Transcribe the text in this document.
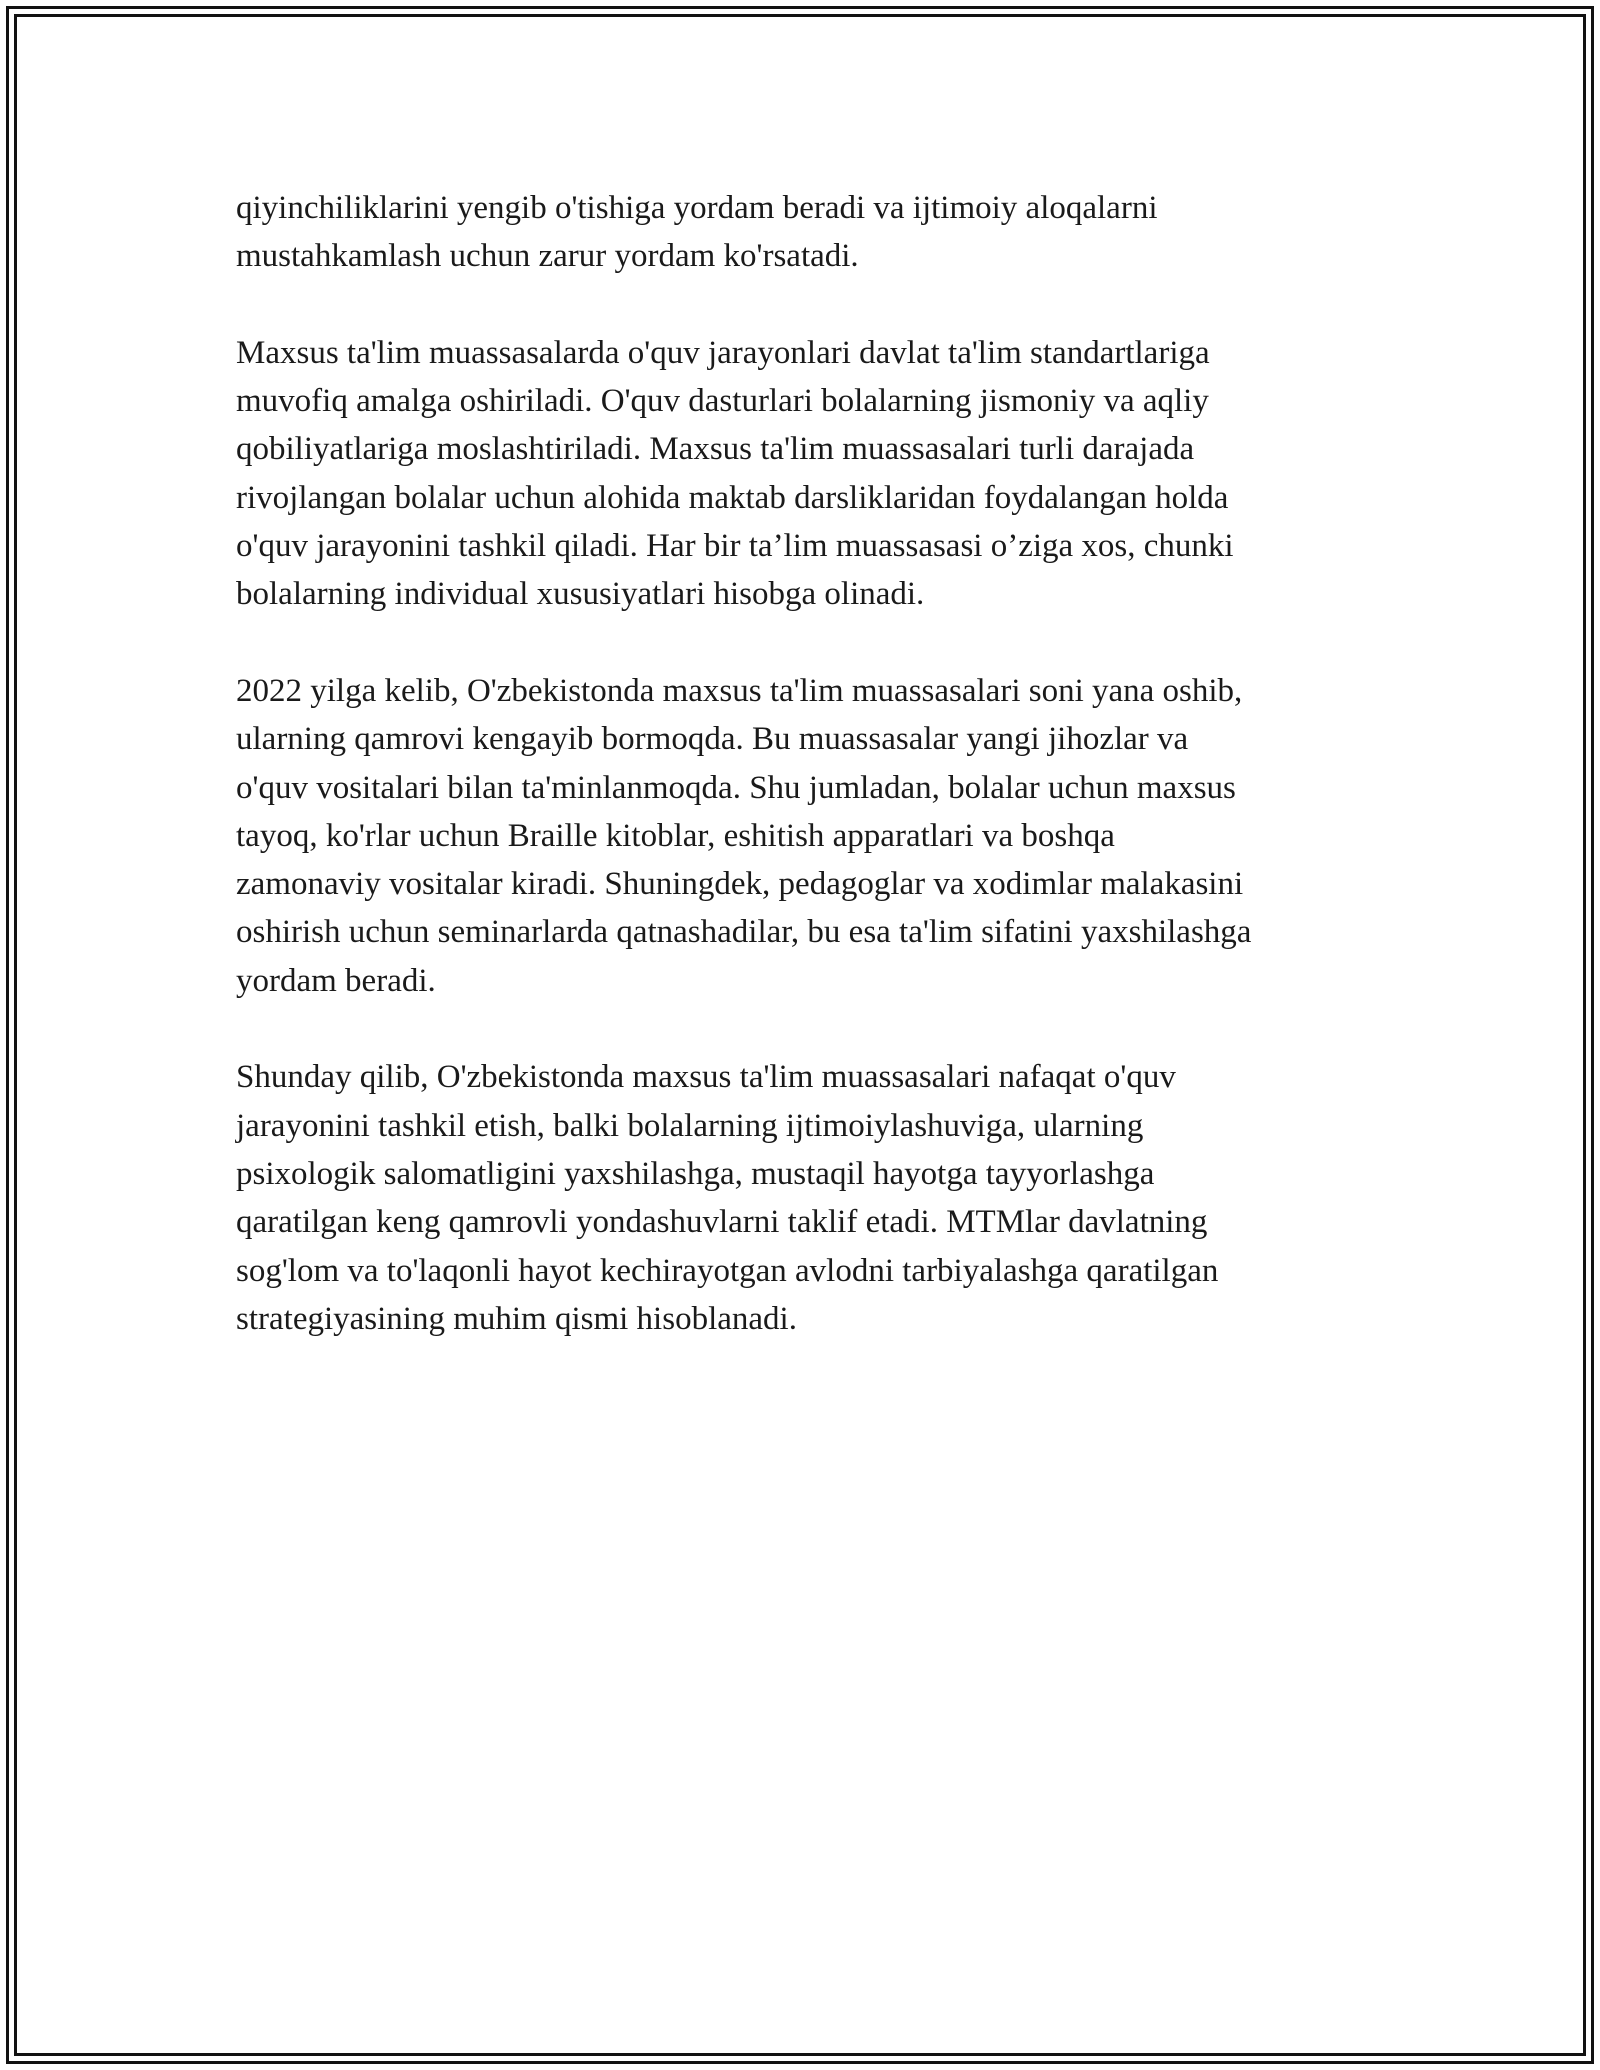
qiyinchiliklarini yengib o'tishiga yordam beradi va ijtimoiy aloqalarni
mustahkamlash uchun zarur yordam ko'rsatadi.

Maxsus ta'lim muassasalarda o'quv jarayonlari davlat ta'lim standartlariga
muvofiq amalga oshiriladi. O'quv dasturlari bolalarning jismoniy va aqliy
qobiliyatlariga moslashtiriladi. Maxsus ta'lim muassasalari turli darajada
rivojlangan bolalar uchun alohida maktab darsliklaridan foydalangan holda
o'quv jarayonini tashkil qiladi. Har bir ta’lim muassasasi o’ziga xos, chunki
bolalarning individual xususiyatlari hisobga olinadi.

2022 yilga kelib, O'zbekistonda maxsus ta'lim muassasalari soni yana oshib,
ularning qamrovi kengayib bormoqda. Bu muassasalar yangi jihozlar va
o'quv vositalari bilan ta'minlanmoqda. Shu jumladan, bolalar uchun maxsus
tayoq, ko'rlar uchun Braille kitoblar, eshitish apparatlari va boshqa
zamonaviy vositalar kiradi. Shuningdek, pedagoglar va xodimlar malakasini
oshirish uchun seminarlarda qatnashadilar, bu esa ta'lim sifatini yaxshilashga
yordam beradi.

Shunday qilib, O'zbekistonda maxsus ta'lim muassasalari nafaqat o'quv
jarayonini tashkil etish, balki bolalarning ijtimoiylashuviga, ularning
psixologik salomatligini yaxshilashga, mustaqil hayotga tayyorlashga
qaratilgan keng qamrovli yondashuvlarni taklif etadi. MTMlar davlatning
sog'lom va to'laqonli hayot kechirayotgan avlodni tarbiyalashga qaratilgan
strategiyasining muhim qismi hisoblanadi.
